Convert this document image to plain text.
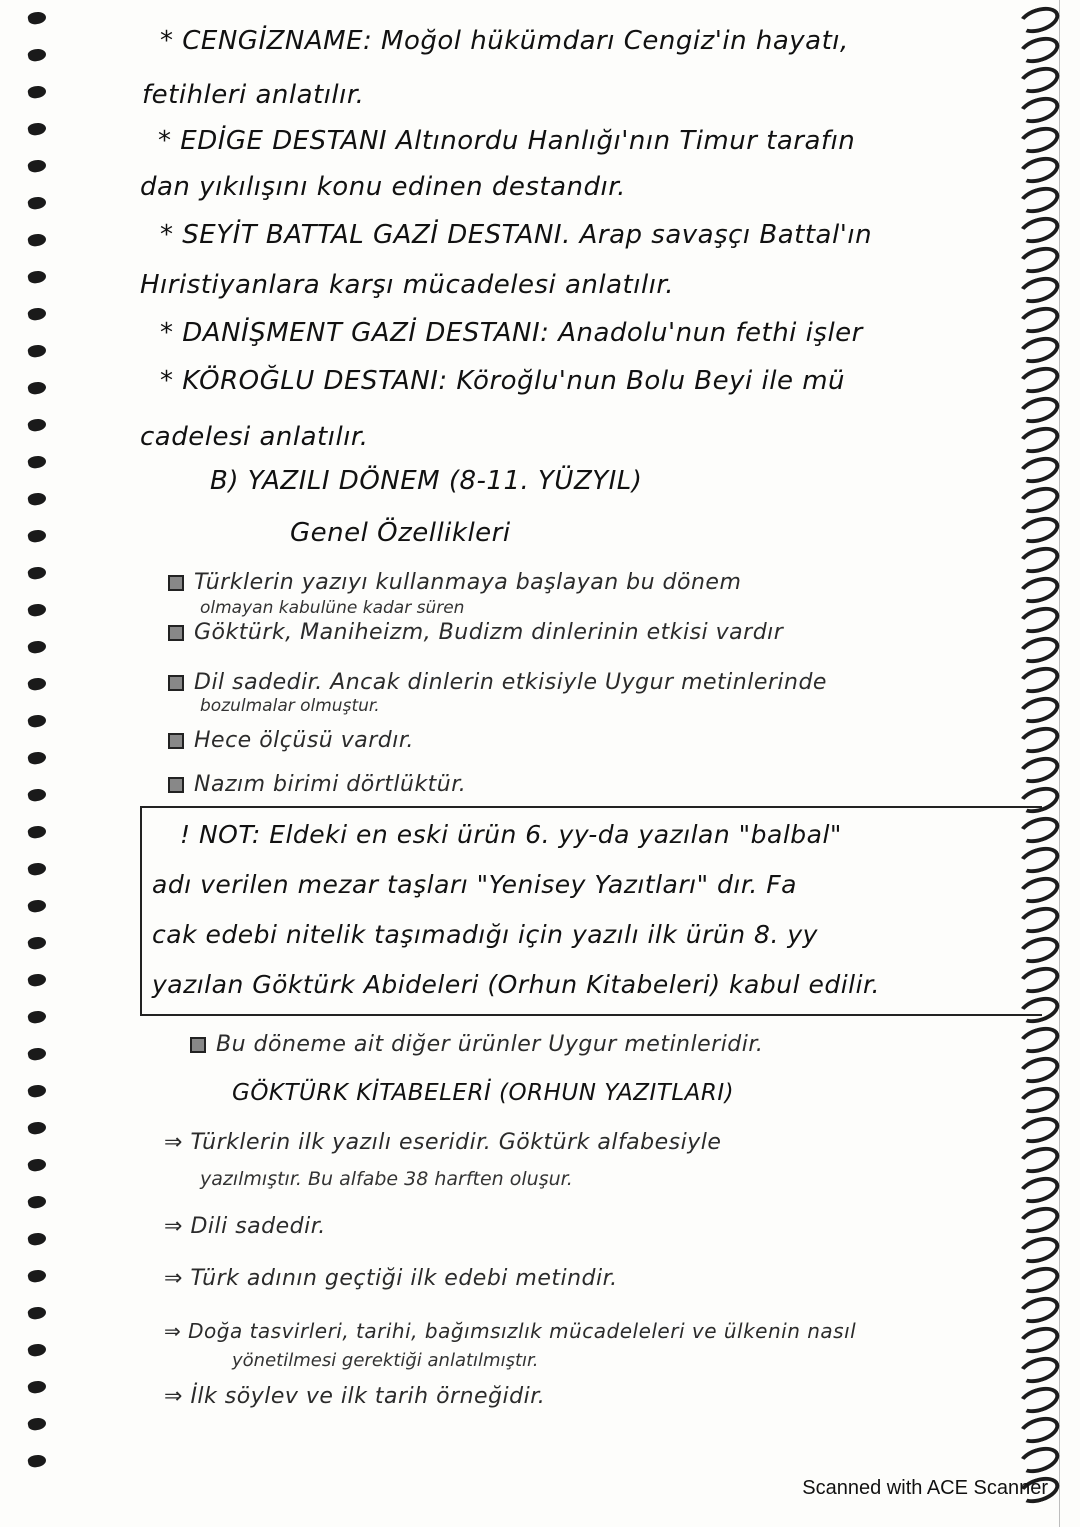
* CENGİZNAME: Moğol hükümdarı Cengiz'in hayatı,
fetihleri anlatılır.
* EDİGE DESTANI Altınordu Hanlığı'nın Timur tarafın
dan yıkılışını konu edinen destandır.
* SEYİT BATTAL GAZİ DESTANI. Arap savaşçı Battal'ın
Hıristiyanlara karşı mücadelesi anlatılır.
* DANİŞMENT GAZİ DESTANI: Anadolu'nun fethi işler
* KÖROĞLU DESTANI: Köroğlu'nun Bolu Beyi ile mü
cadelesi anlatılır.
B) YAZILI DÖNEM (8-11. YÜZYIL)
Genel Özellikleri
Türklerin yazıyı kullanmaya başlayan bu dönem
olmayan kabulüne kadar süren
Göktürk, Maniheizm, Budizm dinlerinin etkisi vardır
Dil sadedir. Ancak dinlerin etkisiyle Uygur metinlerinde
bozulmalar olmuştur.
Hece ölçüsü vardır.
Nazım birimi dörtlüktür.
! NOT: Eldeki en eski ürün 6. yy-da yazılan "balbal"
adı verilen mezar taşları "Yenisey Yazıtları" dır. Fa
cak edebi nitelik taşımadığı için yazılı ilk ürün 8. yy
yazılan Göktürk Abideleri (Orhun Kitabeleri) kabul edilir.
Bu döneme ait diğer ürünler Uygur metinleridir.
GÖKTÜRK KİTABELERİ (ORHUN YAZITLARI)
⇒ Türklerin ilk yazılı eseridir. Göktürk alfabesiyle
yazılmıştır. Bu alfabe 38 harften oluşur.
⇒ Dili sadedir.
⇒ Türk adının geçtiği ilk edebi metindir.
⇒ Doğa tasvirleri, tarihi, bağımsızlık mücadeleleri ve ülkenin nasıl
yönetilmesi gerektiği anlatılmıştır.
⇒ İlk söylev ve ilk tarih örneğidir.
Scanned with ACE Scanner
